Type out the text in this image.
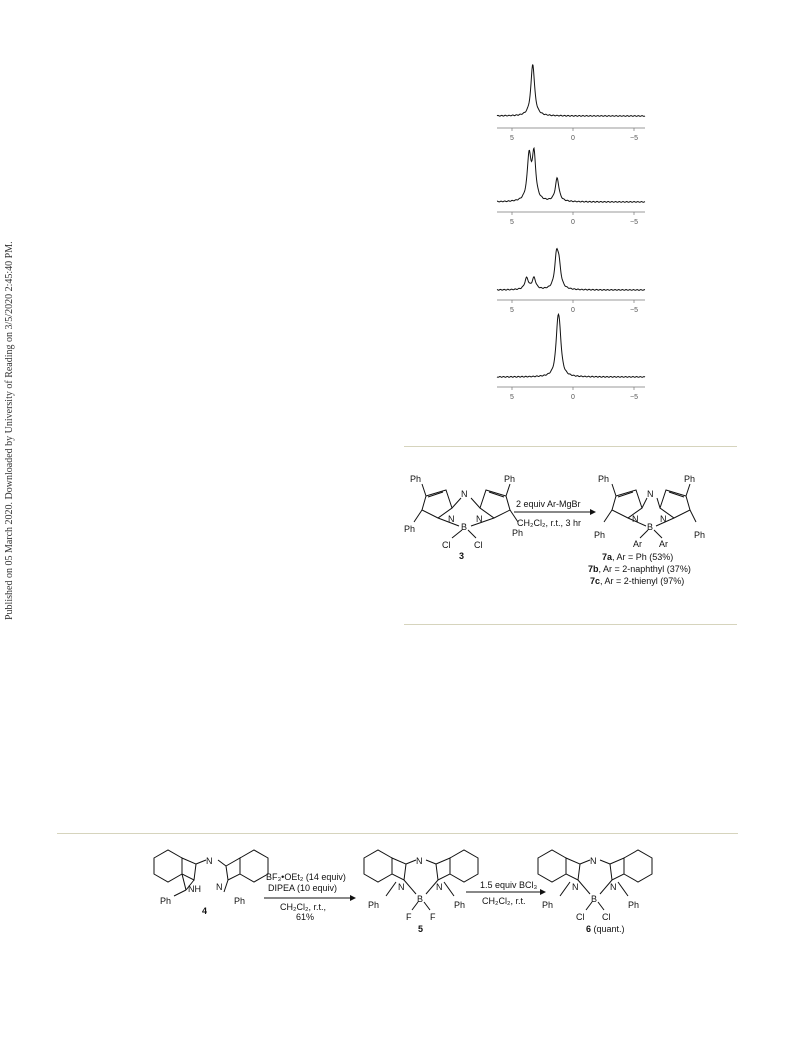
Published on 05 March 2020. Downloaded by University of Reading on 3/5/2020 2:45:40 PM.
5	0	−5
5	0	−5
5	0	−5
5	0	−5
Ph	Ph
N
N N
B
Cl	Cl
Ph	Ph
3
2 equiv Ar-MgBr
CH₂Cl₂, r.t., 3 hr
Ph	Ph
N
N N
B
Ar Ar
Ph	Ph
7a, Ar = Ph (53%)
7b, Ar = 2-naphthyl (37%)
7c, Ar = 2-thienyl (97%)
N
NH N
Ph	Ph
4
BF₃•OEt₂ (14 equiv)
DIPEA (10 equiv)
CH₂Cl₂, r.t.,
61%
N
N	N
B
F F
Ph	Ph
5
1.5 equiv BCl₃
CH₂Cl₂, r.t.
N
N	N
B
Cl Cl
Ph	Ph
6 (quant.)
